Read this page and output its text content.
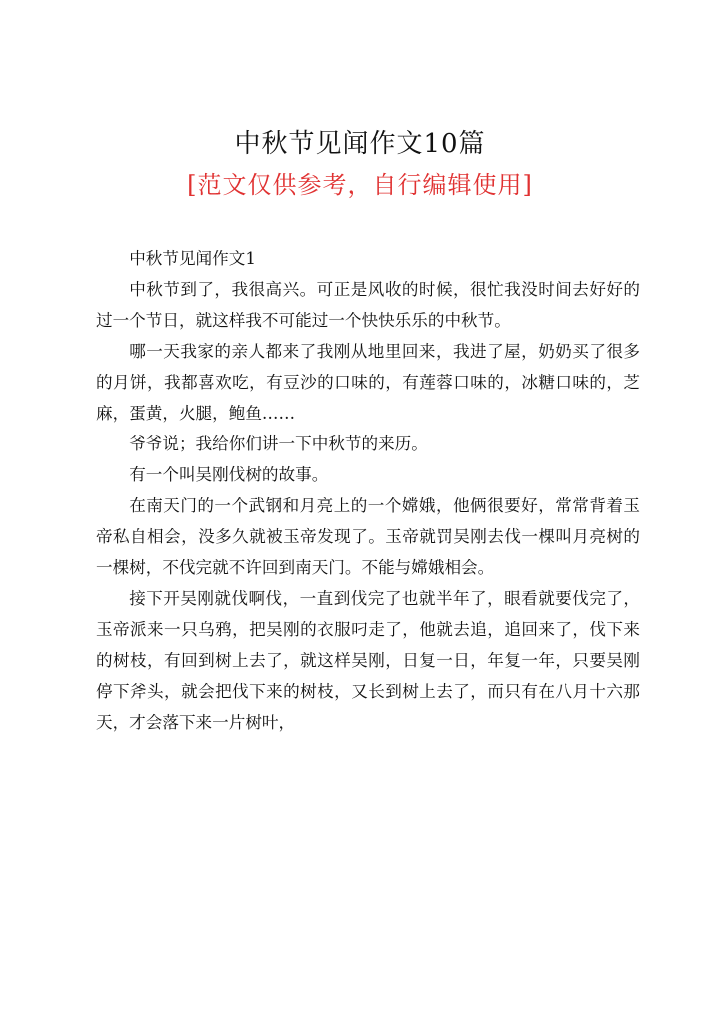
中秋节见闻作文10篇
[范文仅供参考，自行编辑使用]

中秋节见闻作文1

中秋节到了，我很高兴。可正是风收的时候，很忙我没时间去好好的过一个节日，就这样我不可能过一个快快乐乐的中秋节。

哪一天我家的亲人都来了我刚从地里回来，我进了屋，奶奶买了很多的月饼，我都喜欢吃，有豆沙的口味的，有莲蓉口味的，冰糖口味的，芝麻，蛋黄，火腿，鲍鱼……

爷爷说；我给你们讲一下中秋节的来历。

有一个叫吴刚伐树的故事。

在南天门的一个武钢和月亮上的一个嫦娥，他俩很要好，常常背着玉帝私自相会，没多久就被玉帝发现了。玉帝就罚吴刚去伐一棵叫月亮树的一棵树，不伐完就不许回到南天门。不能与嫦娥相会。

接下开吴刚就伐啊伐，一直到伐完了也就半年了，眼看就要伐完了，玉帝派来一只乌鸦，把吴刚的衣服叼走了，他就去追，追回来了，伐下来的树枝，有回到树上去了，就这样吴刚，日复一日，年复一年，只要吴刚停下斧头，就会把伐下来的树枝，又长到树上去了，而只有在八月十六那天，才会落下来一片树叶，
